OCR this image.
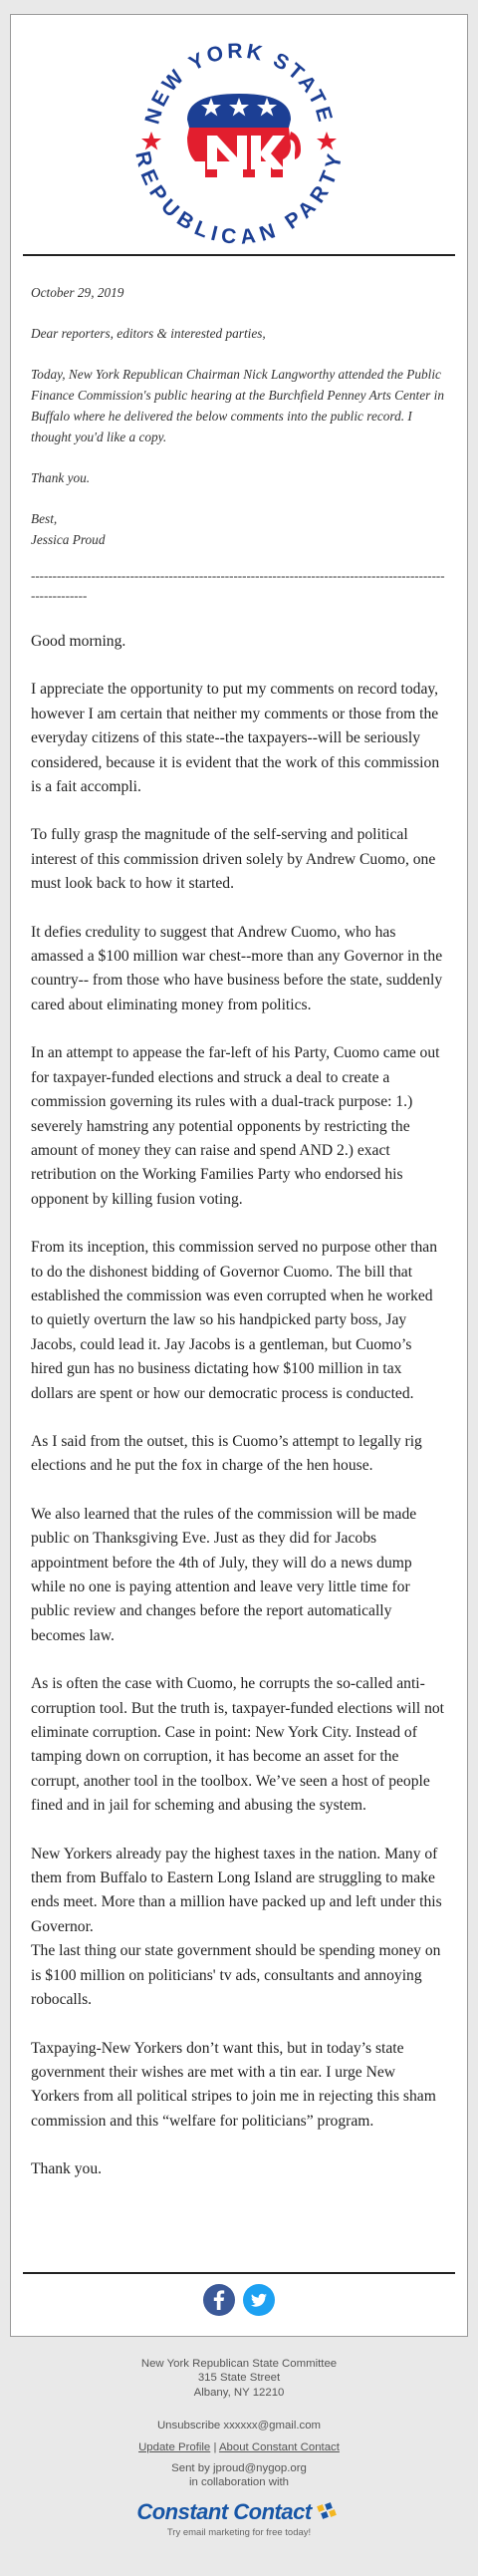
NEW YORK STATE
REPUBLICAN PARTY

October 29, 2019

Dear reporters, editors & interested parties,

Today, New York Republican Chairman Nick Langworthy attended the Public Finance Commission's public hearing at the Burchfield Penney Arts Center in Buffalo where he delivered the below comments into the public record. I thought you'd like a copy.

Thank you.

Best,
Jessica Proud

-------------------------------------------------------------------------------------------------------------

Good morning.

I appreciate the opportunity to put my comments on record today, however I am certain that neither my comments or those from the everyday citizens of this state--the taxpayers--will be seriously considered, because it is evident that the work of this commission is a fait accompli.

To fully grasp the magnitude of the self-serving and political interest of this commission driven solely by Andrew Cuomo, one must look back to how it started.

It defies credulity to suggest that Andrew Cuomo, who has amassed a $100 million war chest--more than any Governor in the country-- from those who have business before the state, suddenly cared about eliminating money from politics.

In an attempt to appease the far-left of his Party, Cuomo came out for taxpayer-funded elections and struck a deal to create a commission governing its rules with a dual-track purpose: 1.) severely hamstring any potential opponents by restricting the amount of money they can raise and spend AND 2.) exact retribution on the Working Families Party who endorsed his opponent by killing fusion voting.

From its inception, this commission served no purpose other than to do the dishonest bidding of Governor Cuomo. The bill that established the commission was even corrupted when he worked to quietly overturn the law so his handpicked party boss, Jay Jacobs, could lead it. Jay Jacobs is a gentleman, but Cuomo’s hired gun has no business dictating how $100 million in tax dollars are spent or how our democratic process is conducted.

As I said from the outset, this is Cuomo’s attempt to legally rig elections and he put the fox in charge of the hen house.

We also learned that the rules of the commission will be made public on Thanksgiving Eve. Just as they did for Jacobs appointment before the 4th of July, they will do a news dump while no one is paying attention and leave very little time for public review and changes before the report automatically becomes law.

As is often the case with Cuomo, he corrupts the so-called anti-corruption tool. But the truth is, taxpayer-funded elections will not eliminate corruption. Case in point: New York City. Instead of tamping down on corruption, it has become an asset for the corrupt, another tool in the toolbox. We’ve seen a host of people fined and in jail for scheming and abusing the system.

New Yorkers already pay the highest taxes in the nation. Many of them from Buffalo to Eastern Long Island are struggling to make ends meet. More than a million have packed up and left under this Governor.

The last thing our state government should be spending money on is $100 million on politicians' tv ads, consultants and annoying robocalls.

Taxpaying-New Yorkers don’t want this, but in today’s state government their wishes are met with a tin ear. I urge New Yorkers from all political stripes to join me in rejecting this sham commission and this “welfare for politicians” program.

Thank you.

New York Republican State Committee
315 State Street
Albany, NY 12210
Unsubscribe xxxxxx@gmail.com
Update Profile | About Constant Contact
Sent by jproud@nygop.org
in collaboration with
Constant Contact
Try email marketing for free today!
